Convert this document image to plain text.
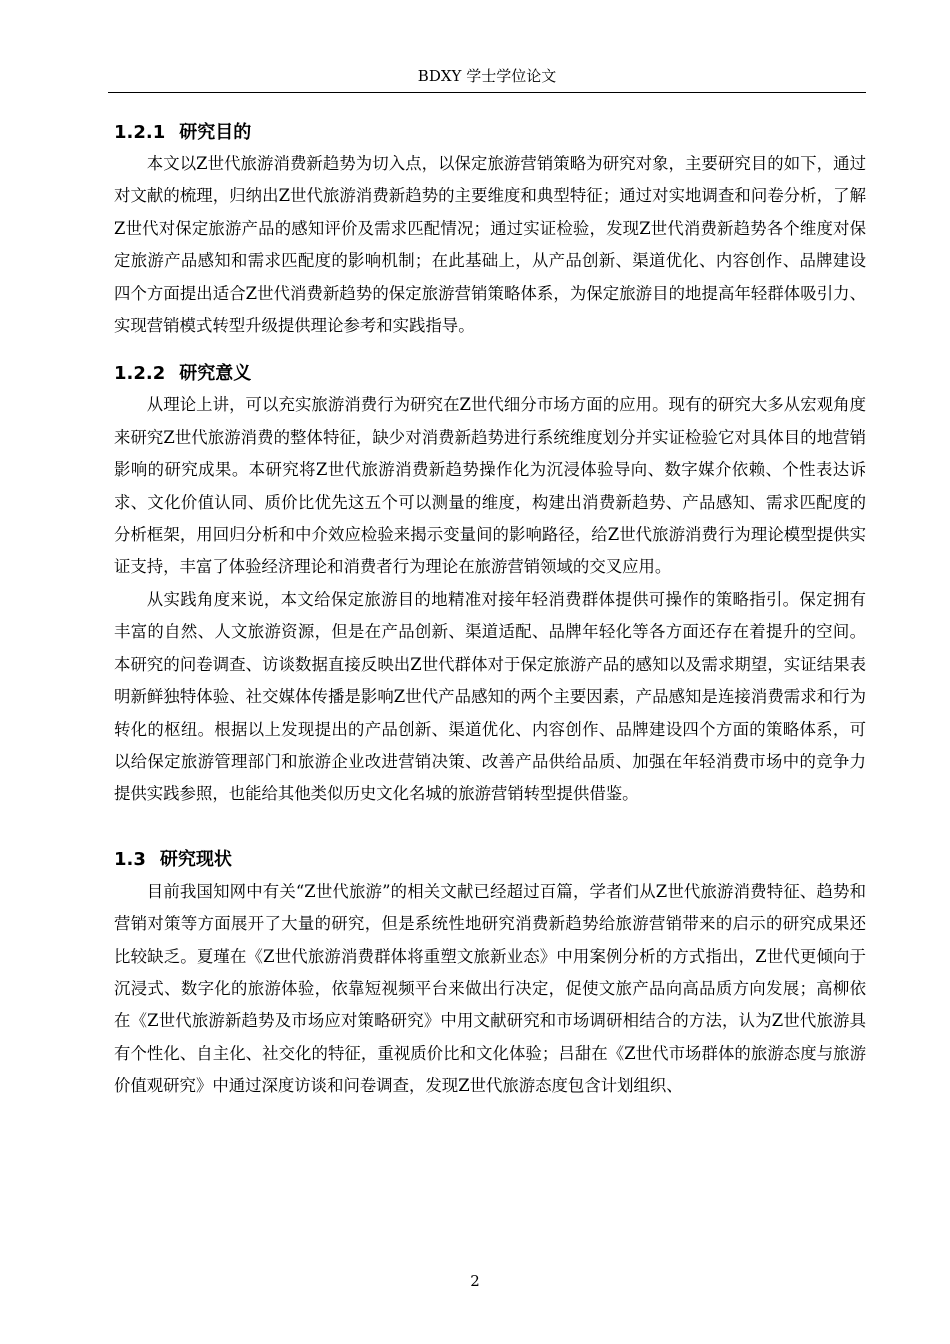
BDXY 学士学位论文
1.2.1 研究目的

本文以Z世代旅游消费新趋势为切入点，以保定旅游营销策略为研究对象，主要研究目的如下，通过对文献的梳理，归纳出Z世代旅游消费新趋势的主要维度和典型特征；通过对实地调查和问卷分析，了解Z世代对保定旅游产品的感知评价及需求匹配情况；通过实证检验，发现Z世代消费新趋势各个维度对保定旅游产品感知和需求匹配度的影响机制；在此基础上，从产品创新、渠道优化、内容创作、品牌建设四个方面提出适合Z世代消费新趋势的保定旅游营销策略体系，为保定旅游目的地提高年轻群体吸引力、实现营销模式转型升级提供理论参考和实践指导。

1.2.2 研究意义

从理论上讲，可以充实旅游消费行为研究在Z世代细分市场方面的应用。现有的研究大多从宏观角度来研究Z世代旅游消费的整体特征，缺少对消费新趋势进行系统维度划分并实证检验它对具体目的地营销影响的研究成果。本研究将Z世代旅游消费新趋势操作化为沉浸体验导向、数字媒介依赖、个性表达诉求、文化价值认同、质价比优先这五个可以测量的维度，构建出消费新趋势、产品感知、需求匹配度的分析框架，用回归分析和中介效应检验来揭示变量间的影响路径，给Z世代旅游消费行为理论模型提供实证支持，丰富了体验经济理论和消费者行为理论在旅游营销领域的交叉应用。

从实践角度来说，本文给保定旅游目的地精准对接年轻消费群体提供可操作的策略指引。保定拥有丰富的自然、人文旅游资源，但是在产品创新、渠道适配、品牌年轻化等各方面还存在着提升的空间。本研究的问卷调查、访谈数据直接反映出Z世代群体对于保定旅游产品的感知以及需求期望，实证结果表明新鲜独特体验、社交媒体传播是影响Z世代产品感知的两个主要因素，产品感知是连接消费需求和行为转化的枢纽。根据以上发现提出的产品创新、渠道优化、内容创作、品牌建设四个方面的策略体系，可以给保定旅游管理部门和旅游企业改进营销决策、改善产品供给品质、加强在年轻消费市场中的竞争力提供实践参照，也能给其他类似历史文化名城的旅游营销转型提供借鉴。

1.3 研究现状

目前我国知网中有关“Z世代旅游”的相关文献已经超过百篇，学者们从Z世代旅游消费特征、趋势和营销对策等方面展开了大量的研究，但是系统性地研究消费新趋势给旅游营销带来的启示的研究成果还比较缺乏。夏瑾在《Z世代旅游消费群体将重塑文旅新业态》中用案例分析的方式指出，Z世代更倾向于沉浸式、数字化的旅游体验，依靠短视频平台来做出行决定，促使文旅产品向高品质方向发展；高柳依在《Z世代旅游新趋势及市场应对策略研究》中用文献研究和市场调研相结合的方法，认为Z世代旅游具有个性化、自主化、社交化的特征，重视质价比和文化体验；吕甜在《Z世代市场群体的旅游态度与旅游价值观研究》中通过深度访谈和问卷调查，发现Z世代旅游态度包含计划组织、

2
